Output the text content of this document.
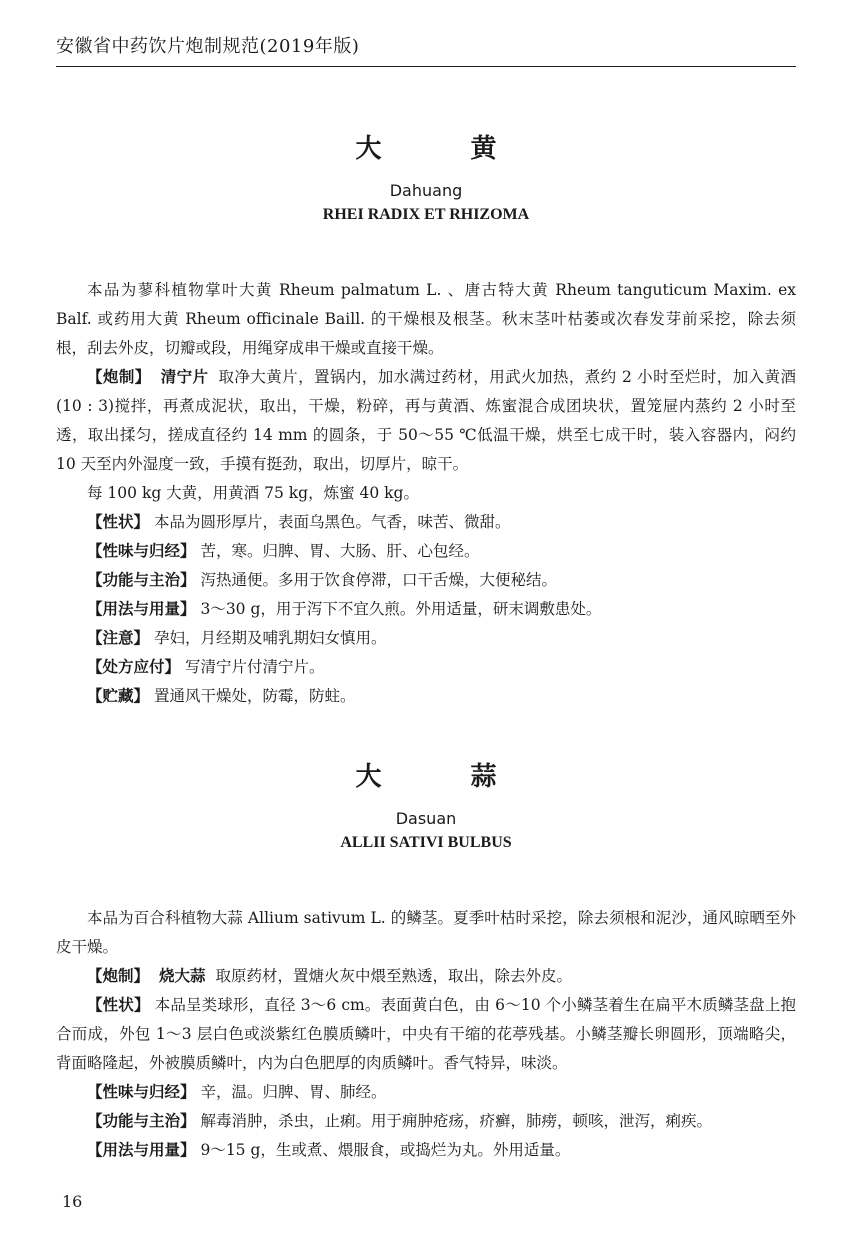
安徽省中药饮片炮制规范(2019年版)
大 黄
Dahuang
RHEI RADIX ET RHIZOMA

本品为蓼科植物掌叶大黄 Rheum palmatum L. 、唐古特大黄 Rheum tanguticum Maxim. ex Balf. 或药用大黄 Rheum officinale Baill. 的干燥根及根茎。秋末茎叶枯萎或次春发芽前采挖，除去须根，刮去外皮，切瓣或段，用绳穿成串干燥或直接干燥。

【炮制】 清宁片 取净大黄片，置锅内，加水满过药材，用武火加热，煮约 2 小时至烂时，加入黄酒(10 : 3)搅拌，再煮成泥状，取出，干燥，粉碎，再与黄酒、炼蜜混合成团块状，置笼屉内蒸约 2 小时至透，取出揉匀，搓成直径约 14 mm 的圆条，于 50～55 ℃低温干燥，烘至七成干时，装入容器内，闷约 10 天至内外湿度一致，手摸有挺劲，取出，切厚片，晾干。

每 100 kg 大黄，用黄酒 75 kg，炼蜜 40 kg。

【性状】 本品为圆形厚片，表面乌黑色。气香，味苦、微甜。

【性味与归经】 苦，寒。归脾、胃、大肠、肝、心包经。

【功能与主治】 泻热通便。多用于饮食停滞，口干舌燥，大便秘结。

【用法与用量】 3～30 g，用于泻下不宜久煎。外用适量，研末调敷患处。

【注意】 孕妇，月经期及哺乳期妇女慎用。

【处方应付】 写清宁片付清宁片。

【贮藏】 置通风干燥处，防霉，防蛀。

大 蒜
Dasuan
ALLII SATIVI BULBUS

本品为百合科植物大蒜 Allium sativum L. 的鳞茎。夏季叶枯时采挖，除去须根和泥沙，通风晾晒至外皮干燥。

【炮制】 烧大蒜 取原药材，置煻火灰中煨至熟透，取出，除去外皮。

【性状】 本品呈类球形，直径 3～6 cm。表面黄白色，由 6～10 个小鳞茎着生在扁平木质鳞茎盘上抱合而成，外包 1～3 层白色或淡紫红色膜质鳞叶，中央有干缩的花葶残基。小鳞茎瓣长卵圆形，顶端略尖，背面略隆起，外被膜质鳞叶，内为白色肥厚的肉质鳞叶。香气特异，味淡。

【性味与归经】 辛，温。归脾、胃、肺经。

【功能与主治】 解毒消肿，杀虫，止痢。用于痈肿疮疡，疥癣，肺痨，顿咳，泄泻，痢疾。

【用法与用量】 9～15 g，生或煮、煨服食，或捣烂为丸。外用适量。

16
